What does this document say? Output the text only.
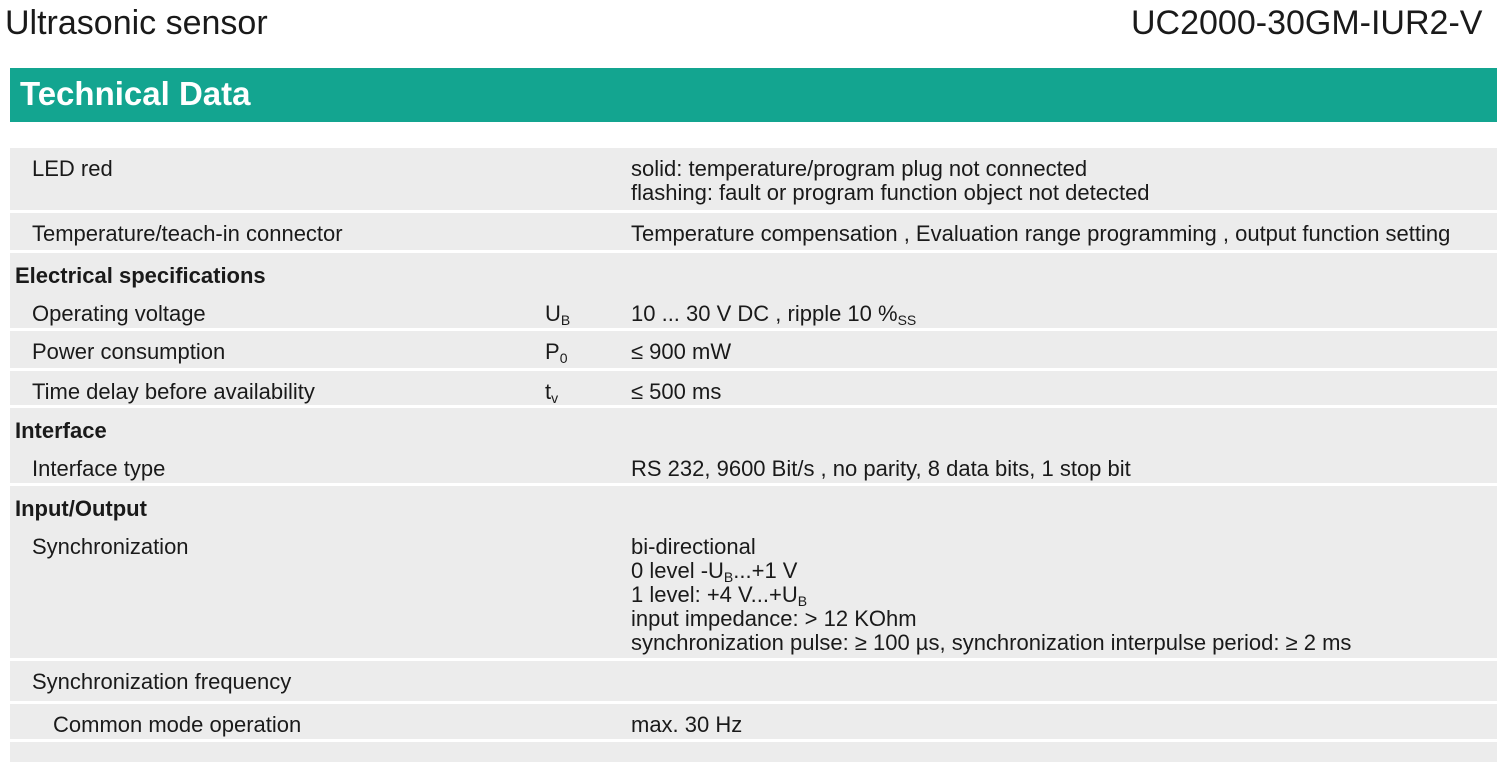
Ultrasonic sensor	UC2000-30GM-IUR2-V
Technical Data
LED red	solid: temperature/program plug not connected
flashing: fault or program function object not detected
Temperature/teach-in connector	Temperature compensation , Evaluation range programming , output function setting
Electrical specifications
Operating voltage	$U_B$	10 ... 30 V DC , ripple 10 $\%_{SS}$
Power consumption	$P_0$	≤ 900 mW
Time delay before availability	$t_v$	≤ 500 ms
Interface
Interface type	RS 232, 9600 Bit/s , no parity, 8 data bits, 1 stop bit
Input/Output
Synchronization	bi-directional
0 level $-U_B...+1$ V
1 level: +4 $V...+U_B$
input impedance: > 12 KOhm
synchronization pulse: ≥ 100 µs, synchronization interpulse period: ≥ 2 ms
Synchronization frequency
Common mode operation	max. 30 Hz
